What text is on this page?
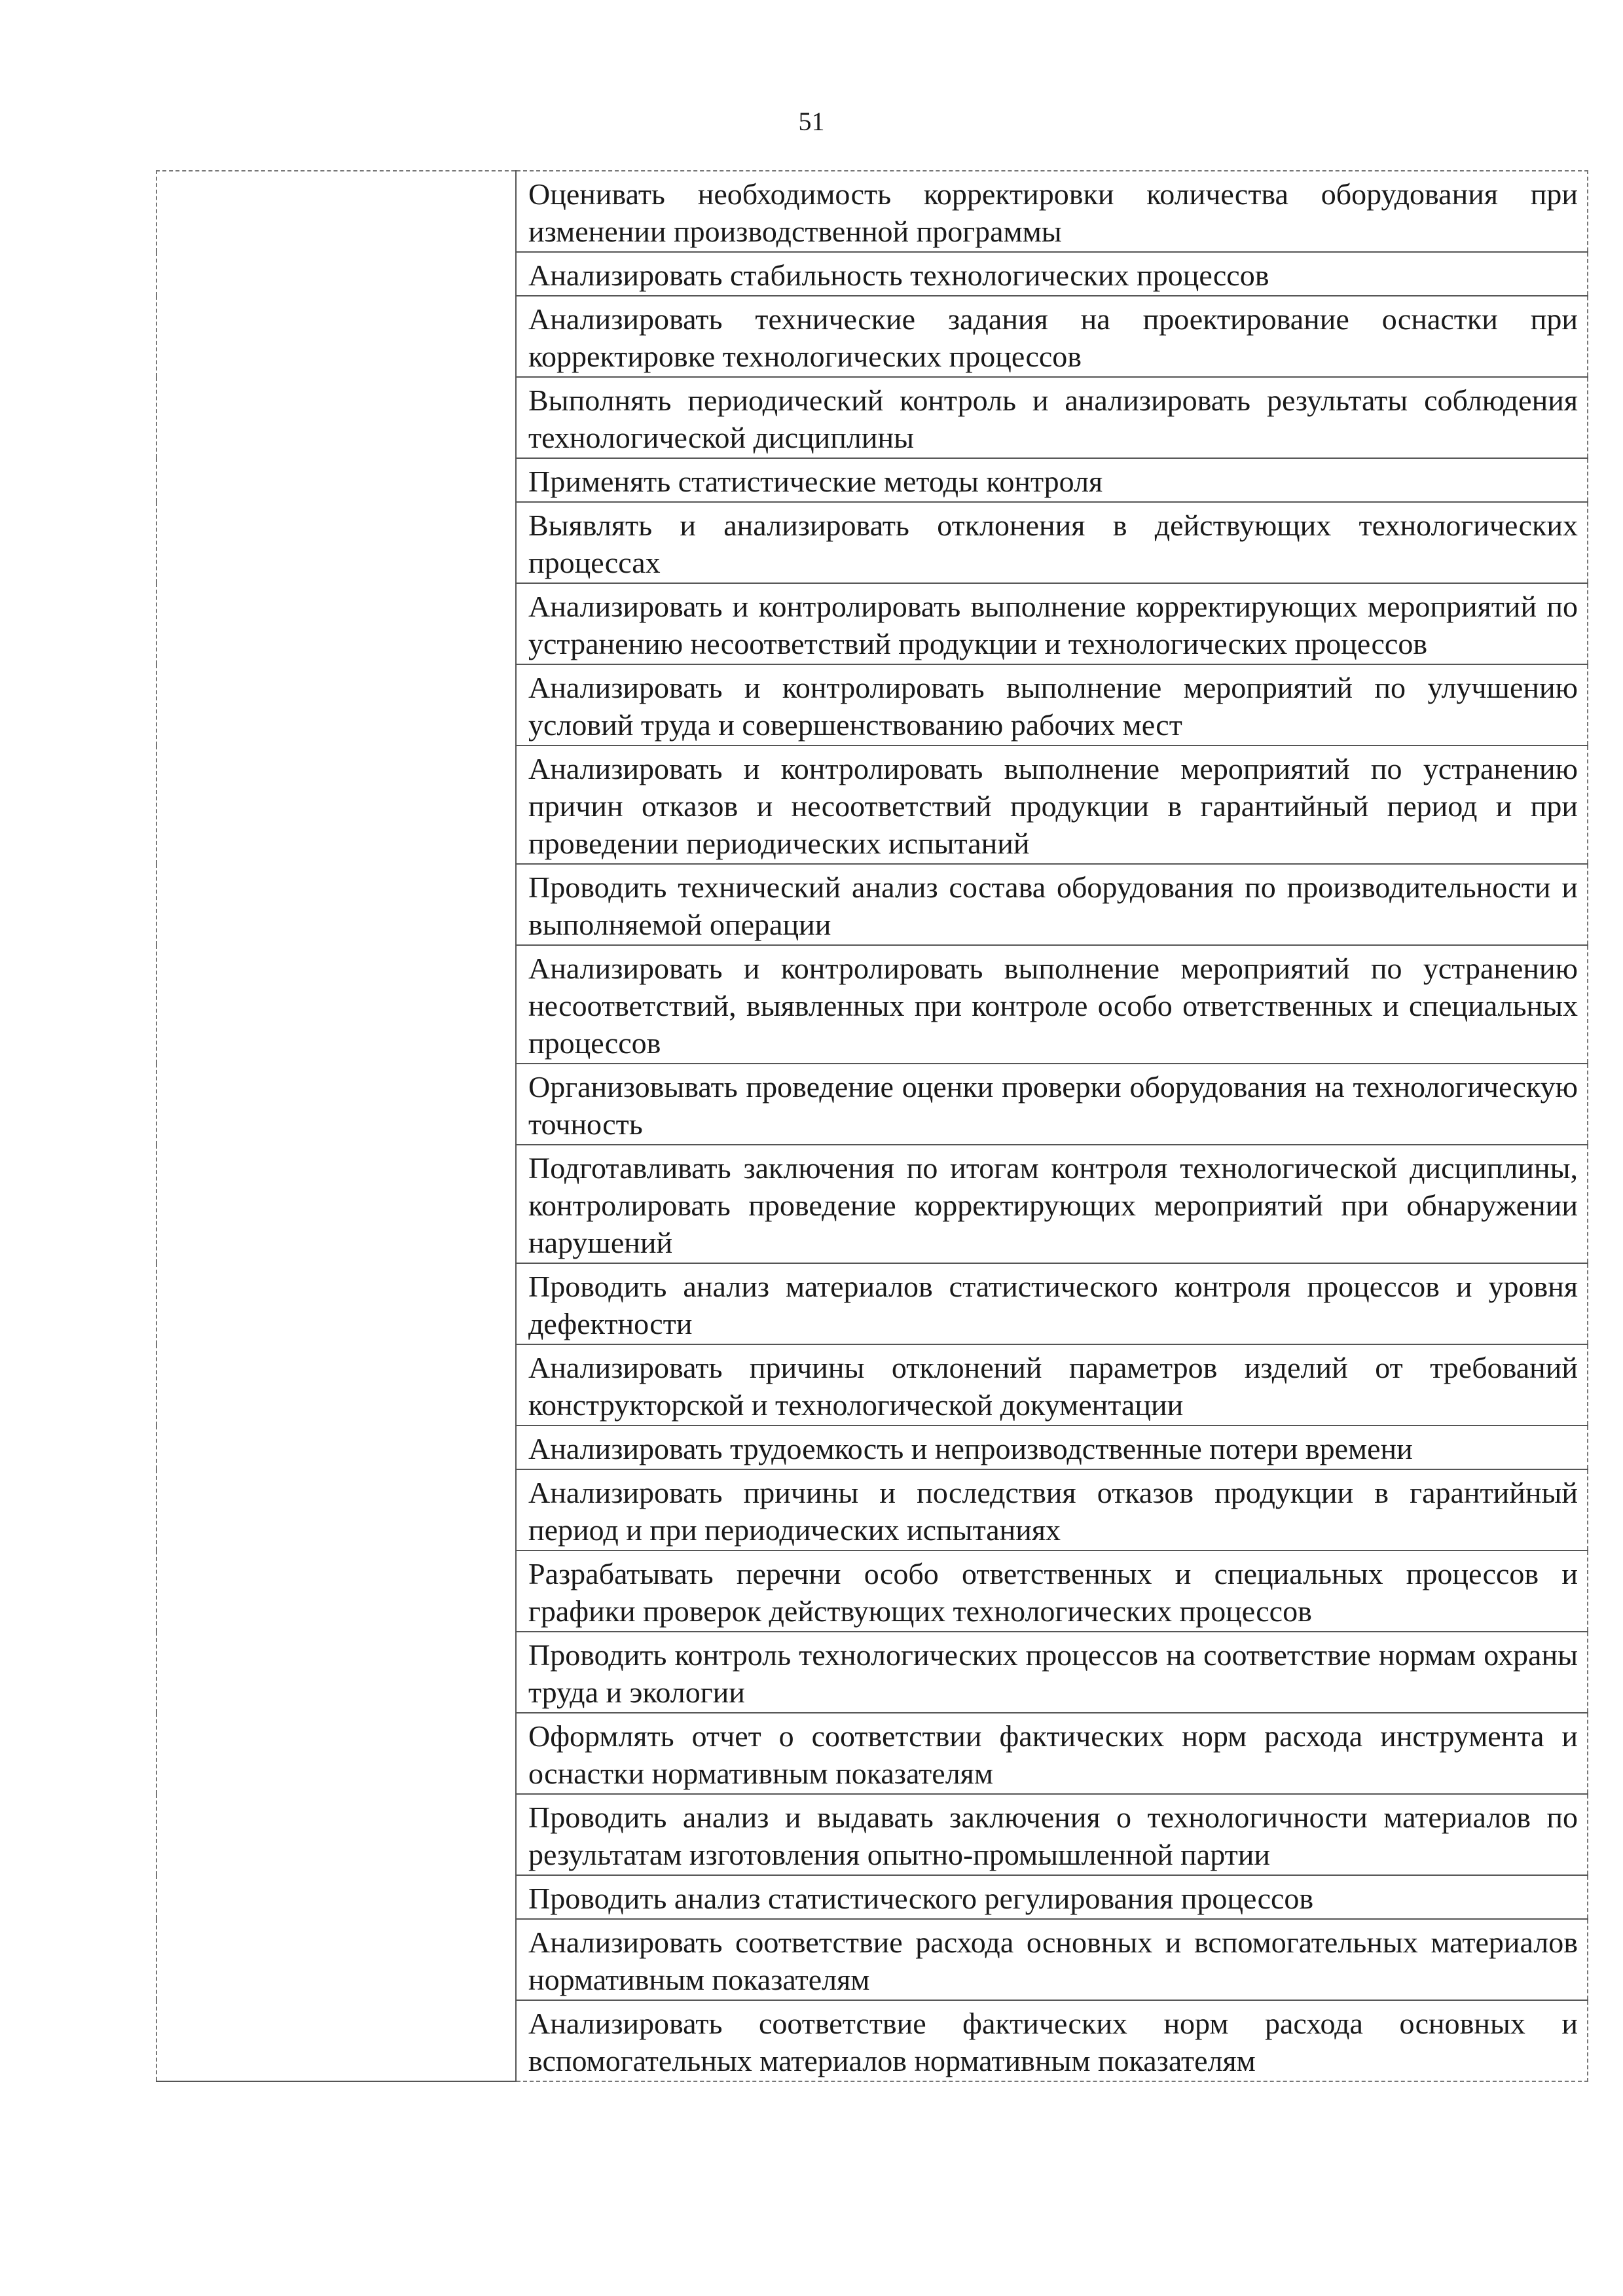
51
	Оценивать необходимость корректировки количества оборудования при изменении производственной программы
Анализировать стабильность технологических процессов
Анализировать технические задания на проектирование оснастки при корректировке технологических процессов
Выполнять периодический контроль и анализировать результаты соблюдения технологической дисциплины
Применять статистические методы контроля
Выявлять и анализировать отклонения в действующих технологических процессах
Анализировать и контролировать выполнение корректирующих мероприятий по устранению несоответствий продукции и технологических процессов
Анализировать и контролировать выполнение мероприятий по улучшению условий труда и совершенствованию рабочих мест
Анализировать и контролировать выполнение мероприятий по устранению причин отказов и несоответствий продукции в гарантийный период и при проведении периодических испытаний
Проводить технический анализ состава оборудования по производительности и выполняемой операции
Анализировать и контролировать выполнение мероприятий по устранению несоответствий, выявленных при контроле особо ответственных и специальных процессов
Организовывать проведение оценки проверки оборудования на технологическую точность
Подготавливать заключения по итогам контроля технологической дисциплины, контролировать проведение корректирующих мероприятий при обнаружении нарушений
Проводить анализ материалов статистического контроля процессов и уровня дефектности
Анализировать причины отклонений параметров изделий от требований конструкторской и технологической документации
Анализировать трудоемкость и непроизводственные потери времени
Анализировать причины и последствия отказов продукции в гарантийный период и при периодических испытаниях
Разрабатывать перечни особо ответственных и специальных процессов и графики проверок действующих технологических процессов
Проводить контроль технологических процессов на соответствие нормам охраны труда и экологии
Оформлять отчет о соответствии фактических норм расхода инструмента и оснастки нормативным показателям
Проводить анализ и выдавать заключения о технологичности материалов по результатам изготовления опытно-промышленной партии
Проводить анализ статистического регулирования процессов
Анализировать соответствие расхода основных и вспомогательных материалов нормативным показателям
Анализировать соответствие фактических норм расхода основных и вспомогательных материалов нормативным показателям
